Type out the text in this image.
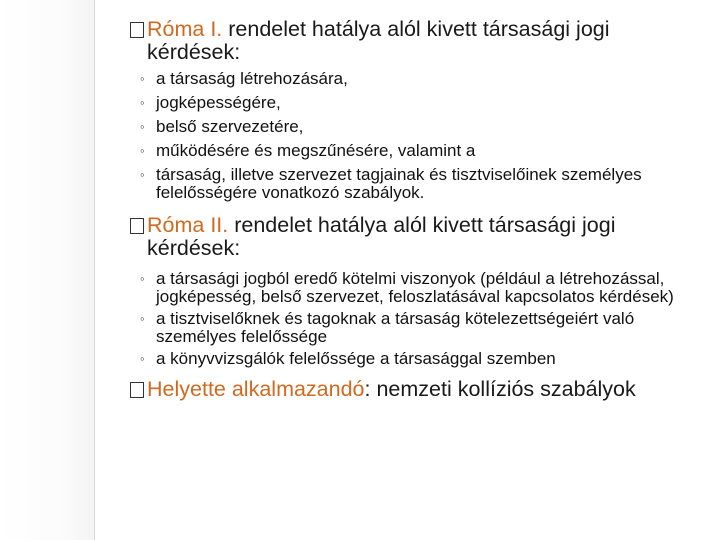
Róma I. rendelet hatálya alól kivett társasági jogi kérdések:
◦ a társaság létrehozására,
◦ jogképességére,
◦ belső szervezetére,
◦ működésére és megszűnésére, valamint a
◦ társaság, illetve szervezet tagjainak és tisztviselőinek személyes felelősségére vonatkozó szabályok.
Róma II. rendelet hatálya alól kivett társasági jogi kérdések:
◦ a társasági jogból eredő kötelmi viszonyok (például a létrehozással, jogképesség, belső szervezet, feloszlatásával kapcsolatos kérdések)
◦ a tisztviselőknek és tagoknak a társaság kötelezettségeiért való személyes felelőssége
◦ a könyvvizsgálók felelőssége a társasággal szemben
Helyette alkalmazandó: nemzeti kollíziós szabályok
